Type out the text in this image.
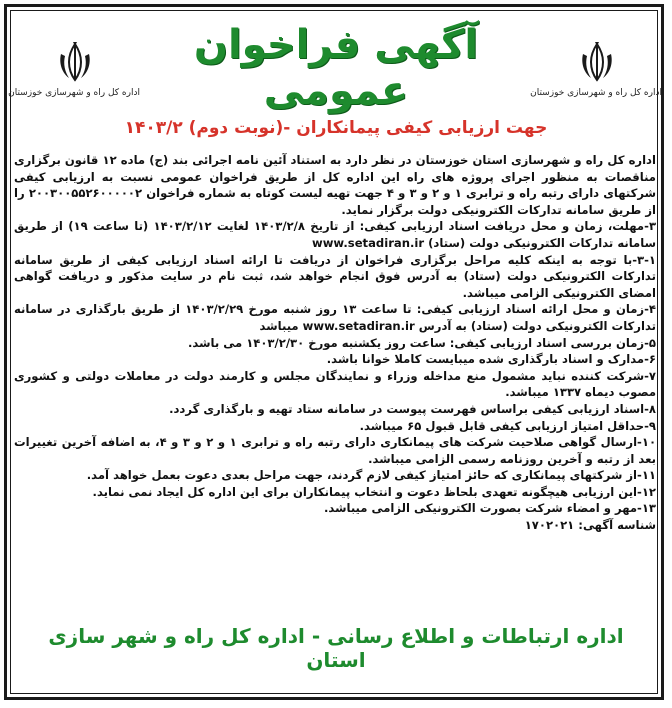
اداره کل راه و شهرسازی خوزستان	اداره کل راه و شهرسازی خوزستان
آگهی فراخوان عمومی
جهت ارزیابی کیفی پیمانکاران -(نوبت دوم) ۱۴۰۳/۲

اداره کل راه و شهرسازی استان خوزستان در نظر دارد به استناد آئین نامه اجرائی بند (ج) ماده ۱۲ قانون برگزاری مناقصات به منظور اجرای پروژه های راه این اداره کل از طریق فراخوان عمومی نسبت به ارزیابی کیفی شرکتهای دارای رتبه راه و ترابری ۱ و ۲ و ۳ و ۴ جهت تهیه لیست کوتاه به شماره فراخوان ۲۰۰۳۰۰۵۵۲۶۰۰۰۰۰۲ را از طریق سامانه تدارکات الکترونیکی دولت برگزار نماید.

۳-مهلت، زمان و محل دریافت اسناد ارزیابی کیفی: از تاریخ ۱۴۰۳/۲/۸ لغایت ۱۴۰۳/۲/۱۲ (تا ساعت ۱۹) از طریق سامانه تدارکات الکترونیکی دولت (ستاد) www.setadiran.ir

۳-۱-با توجه به اینکه کلیه مراحل برگزاری فراخوان از دریافت تا ارائه اسناد ارزیابی کیفی از طریق سامانه تدارکات الکترونیکی دولت (ستاد) به آدرس فوق انجام خواهد شد، ثبت نام در سایت مذکور و دریافت گواهی امضای الکترونیکی الزامی میباشد.

۴-زمان و محل ارائه اسناد ارزیابی کیفی: تا ساعت ۱۳ روز شنبه مورخ ۱۴۰۳/۲/۲۹ از طریق بارگذاری در سامانه تدارکات الکترونیکی دولت (ستاد) به آدرس www.setadiran.ir میباشد

۵-زمان بررسی اسناد ارزیابی کیفی: ساعت روز یکشنبه مورخ ۱۴۰۳/۲/۳۰ می باشد.

۶-مدارک و اسناد بارگذاری شده میبایست کاملا خوانا باشد.

۷-شرکت کننده نباید مشمول منع مداخله وزراء و نمایندگان مجلس و کارمند دولت در معاملات دولتی و کشوری مصوب دیماه ۱۳۳۷ میباشد.

۸-اسناد ارزیابی کیفی براساس فهرست پیوست در سامانه ستاد تهیه و بارگذاری گردد.

۹-حداقل امتیاز ارزیابی کیفی قابل قبول ۶۵ میباشد.

۱۰-ارسال گواهی صلاحیت شرکت های پیمانکاری دارای رتبه راه و ترابری ۱ و ۲ و ۳ و ۴، به اضافه آخرین تغییرات بعد از رتبه و آخرین روزنامه رسمی الزامی میباشد.

۱۱-از شرکتهای پیمانکاری که حائز امتیاز کیفی لازم گردند، جهت مراحل بعدی دعوت بعمل خواهد آمد.

۱۲-این ارزیابی هیچگونه تعهدی بلحاظ دعوت و انتخاب پیمانکاران برای این اداره کل ایجاد نمی نماید.

۱۳-مهر و امضاء شرکت بصورت الکترونیکی الزامی میباشد.

شناسه آگهی: ۱۷۰۲۰۲۱

اداره ارتباطات و اطلاع رسانی - اداره کل راه و شهر سازی استان
